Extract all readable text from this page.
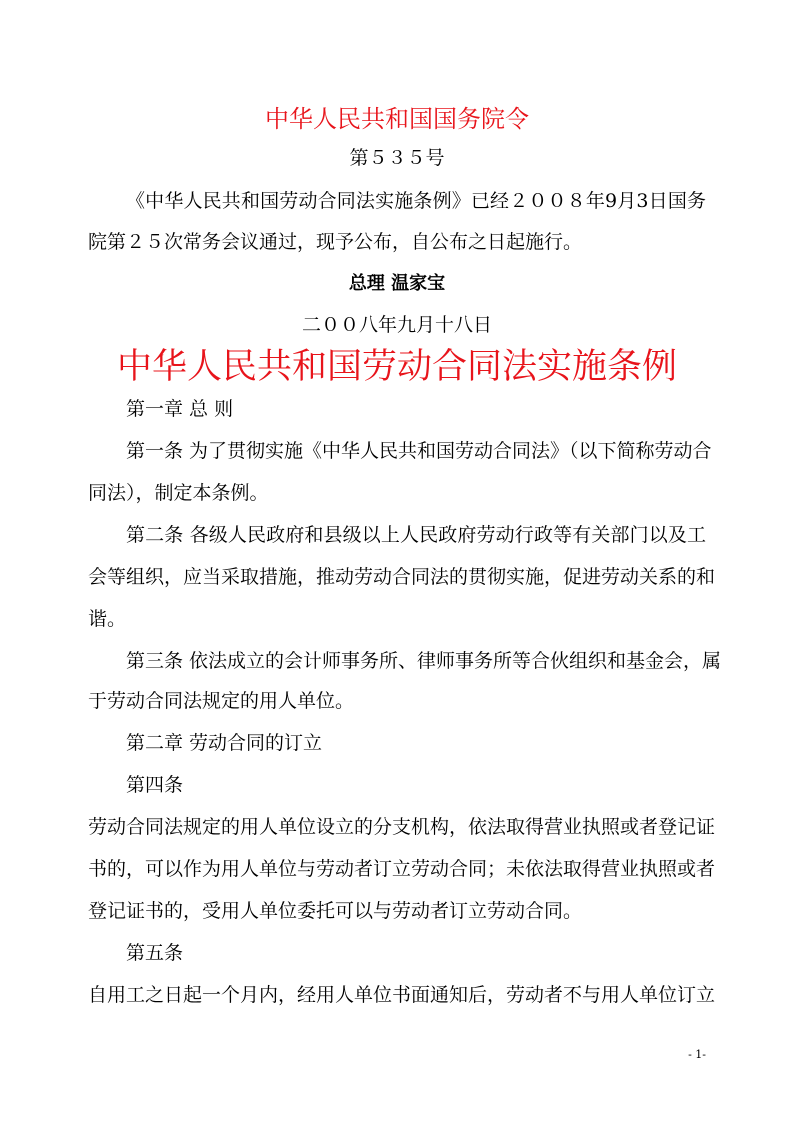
中华人民共和国国务院令
第５３５号
《中华人民共和国劳动合同法实施条例》已经２００８年9月3日国务
院第２５次常务会议通过，现予公布，自公布之日起施行。
总理 温家宝
二００八年九月十八日
中华人民共和国劳动合同法实施条例
第一章 总 则
第一条 为了贯彻实施《中华人民共和国劳动合同法》（以下简称劳动合
同法），制定本条例。
第二条 各级人民政府和县级以上人民政府劳动行政等有关部门以及工
会等组织，应当采取措施，推动劳动合同法的贯彻实施，促进劳动关系的和
谐。
第三条 依法成立的会计师事务所、律师事务所等合伙组织和基金会，属
于劳动合同法规定的用人单位。
第二章 劳动合同的订立
第四条
劳动合同法规定的用人单位设立的分支机构，依法取得营业执照或者登记证
书的，可以作为用人单位与劳动者订立劳动合同；未依法取得营业执照或者
登记证书的，受用人单位委托可以与劳动者订立劳动合同。
第五条
自用工之日起一个月内，经用人单位书面通知后，劳动者不与用人单位订立
- 1-
